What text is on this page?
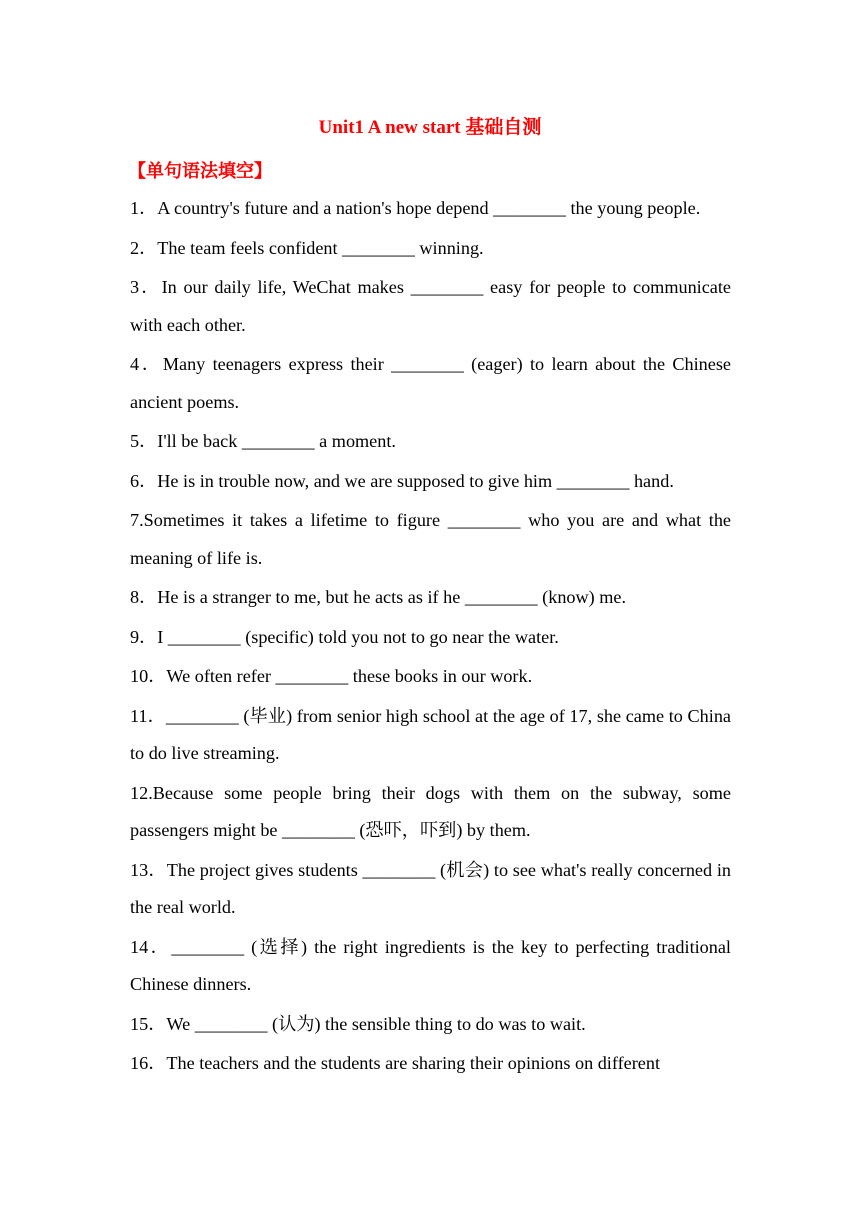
Unit1 A new start 基础自测
【单句语法填空】
1．A country's future and a nation's hope depend ________ the young people.
2．The team feels confident ________ winning.
3．In our daily life, WeChat makes ________ easy for people to communicate with each other.
4．Many teenagers express their ________ (eager) to learn about the Chinese ancient poems.
5．I'll be back ________ a moment.
6．He is in trouble now, and we are supposed to give him ________ hand.
7.Sometimes it takes a lifetime to figure ________ who you are and what the meaning of life is.
8．He is a stranger to me, but he acts as if he ________ (know) me.
9．I ________ (specific) told you not to go near the water.
10．We often refer ________ these books in our work.
11．________ (毕业) from senior high school at the age of 17, she came to China to do live streaming.
12.Because some people bring their dogs with them on the subway, some passengers might be ________ (恐吓，吓到) by them.
13．The project gives students ________ (机会) to see what's really concerned in the real world.
14．________ (选择) the right ingredients is the key to perfecting traditional Chinese dinners.
15．We ________ (认为) the sensible thing to do was to wait.
16．The teachers and the students are sharing their opinions on different
